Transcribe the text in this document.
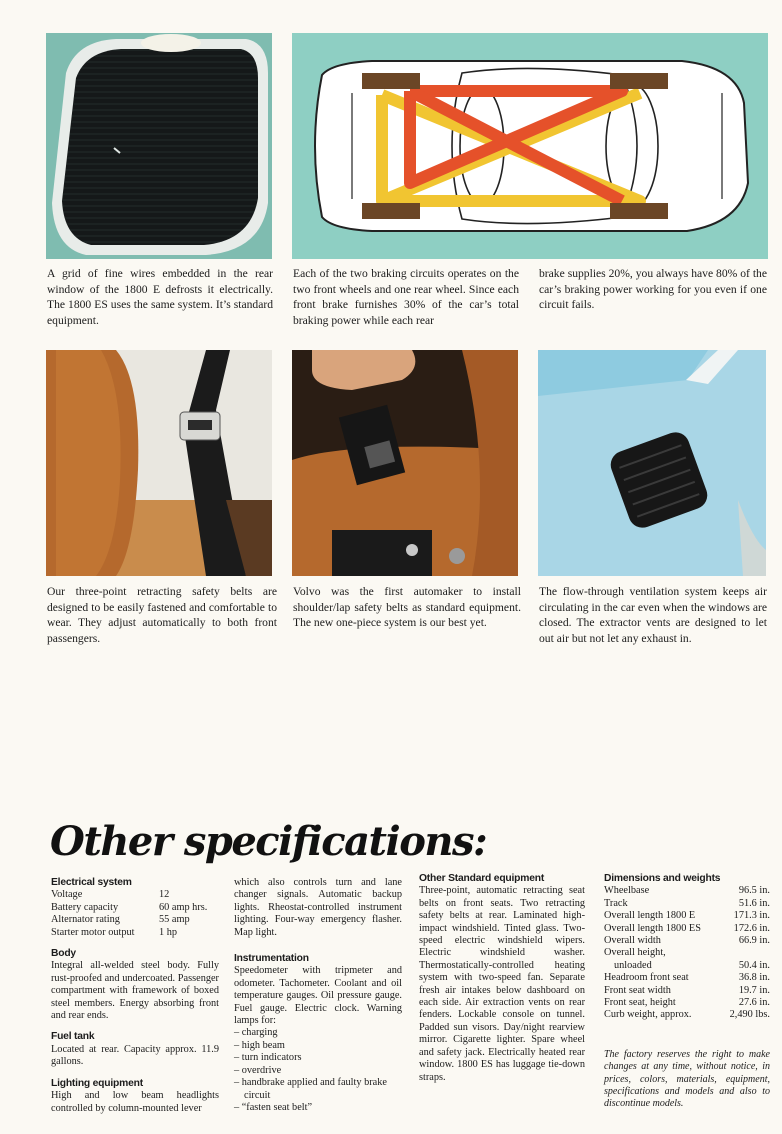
A grid of fine wires embedded in the rear window of the 1800 E defrosts it electrically. The 1800 ES uses the same system. It’s standard equipment.

Each of the two braking circuits operates on the two front wheels and one rear wheel. Since each front brake furnishes 30% of the car’s total braking power while each rear

brake supplies 20%, you always have 80% of the car’s braking power working for you even if one circuit fails.

Our three-point retracting safety belts are designed to be easily fastened and comfortable to wear. They adjust automatically to both front passengers.

Volvo was the first automaker to install shoulder/lap safety belts as standard equipment. The new one-piece system is our best yet.

The flow-through ventilation system keeps air circulating in the car even when the windows are closed. The extractor vents are designed to let out air but not let any exhaust in.

Other specifications:
Electrical system
Voltage	12
Battery capacity	60 amp hrs.
Alternator rating	55 amp
Starter motor output	1 hp
Body

Integral all-welded steel body. Fully rust-proofed and undercoated. Passenger compartment with framework of boxed steel members. Energy absorbing front and rear ends.

Fuel tank

Located at rear. Capacity approx. 11.9 gallons.

Lighting equipment

High and low beam headlights controlled by column-mounted lever

which also controls turn and lane changer signals. Automatic backup lights. Rheostat-controlled instrument lighting. Four-way emergency flasher. Map light.

Instrumentation

Speedometer with tripmeter and odometer. Tachometer. Coolant and oil temperature gauges. Oil pressure gauge. Fuel gauge. Electric clock. Warning lamps for:

– charging
– high beam
– turn indicators
– overdrive
– handbrake applied and faulty brake circuit
– “fasten seat belt”
Other Standard equipment

Three-point, automatic retracting seat belts on front seats. Two retracting safety belts at rear. Laminated high-impact windshield. Tinted glass. Two-speed electric windshield wipers. Electric windshield washer. Thermostatically-controlled heating system with two-speed fan. Separate fresh air intakes below dashboard on each side. Air extraction vents on rear fenders. Lockable console on tunnel. Padded sun visors. Day/night rearview mirror. Cigarette lighter. Spare wheel and safety jack. Electrically heated rear window. 1800 ES has luggage tie-down straps.

Dimensions and weights
Wheelbase	96.5 in.
Track	51.6 in.
Overall length 1800 E	171.3 in.
Overall length 1800 ES	172.6 in.
Overall width	66.9 in.
Overall height,
unloaded	50.4 in.
Headroom front seat	36.8 in.
Front seat width	19.7 in.
Front seat, height	27.6 in.
Curb weight, approx.	2,490 lbs.

The factory reserves the right to make changes at any time, without notice, in prices, colors, materials, equipment, specifications and models and also to discontinue models.
